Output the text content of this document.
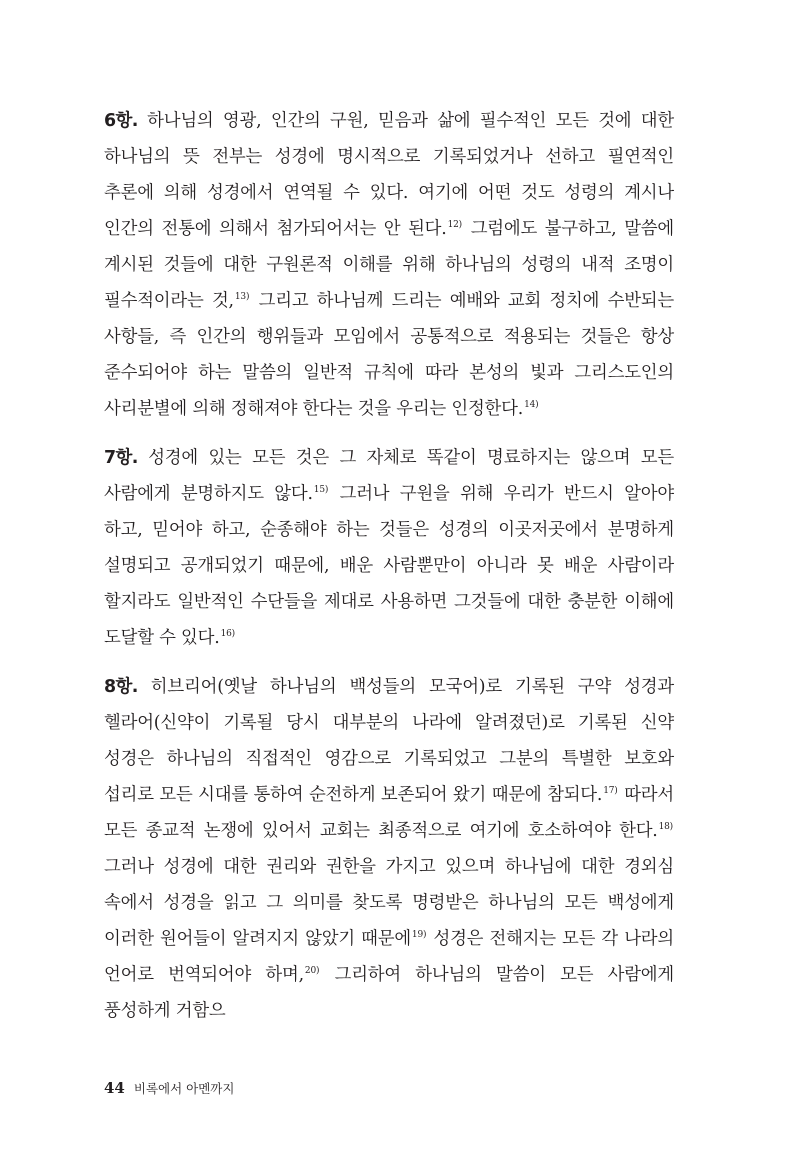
6항. 하나님의 영광, 인간의 구원, 믿음과 삶에 필수적인 모든 것에 대한 하나님의 뜻 전부는 성경에 명시적으로 기록되었거나 선하고 필연적인 추론에 의해 성경에서 연역될 수 있다. 여기에 어떤 것도 성령의 계시나 인간의 전통에 의해서 첨가되어서는 안 된다.$^{12)}$ 그럼에도 불구하고, 말씀에 계시된 것들에 대한 구원론적 이해를 위해 하나님의 성령의 내적 조명이 필수적이라는 것,$^{13)}$ 그리고 하나님께 드리는 예배와 교회 정치에 수반되는 사항들, 즉 인간의 행위들과 모임에서 공통적으로 적용되는 것들은 항상 준수되어야 하는 말씀의 일반적 규칙에 따라 본성의 빛과 그리스도인의 사리분별에 의해 정해져야 한다는 것을 우리는 인정한다.$^{14)}$

7항. 성경에 있는 모든 것은 그 자체로 똑같이 명료하지는 않으며 모든 사람에게 분명하지도 않다.$^{15)}$ 그러나 구원을 위해 우리가 반드시 알아야 하고, 믿어야 하고, 순종해야 하는 것들은 성경의 이곳저곳에서 분명하게 설명되고 공개되었기 때문에, 배운 사람뿐만이 아니라 못 배운 사람이라 할지라도 일반적인 수단들을 제대로 사용하면 그것들에 대한 충분한 이해에 도달할 수 있다.$^{16)}$

8항. 히브리어(옛날 하나님의 백성들의 모국어)로 기록된 구약 성경과 헬라어(신약이 기록될 당시 대부분의 나라에 알려졌던)로 기록된 신약 성경은 하나님의 직접적인 영감으로 기록되었고 그분의 특별한 보호와 섭리로 모든 시대를 통하여 순전하게 보존되어 왔기 때문에 참되다.$^{17)}$ 따라서 모든 종교적 논쟁에 있어서 교회는 최종적으로 여기에 호소하여야 한다.$^{18)}$ 그러나 성경에 대한 권리와 권한을 가지고 있으며 하나님에 대한 경외심 속에서 성경을 읽고 그 의미를 찾도록 명령받은 하나님의 모든 백성에게 이러한 원어들이 알려지지 않았기 때문에$^{19)}$ 성경은 전해지는 모든 각 나라의 언어로 번역되어야 하며,$^{20)}$ 그리하여 하나님의 말씀이 모든 사람에게 풍성하게 거함으

44 비록에서 아멘까지
